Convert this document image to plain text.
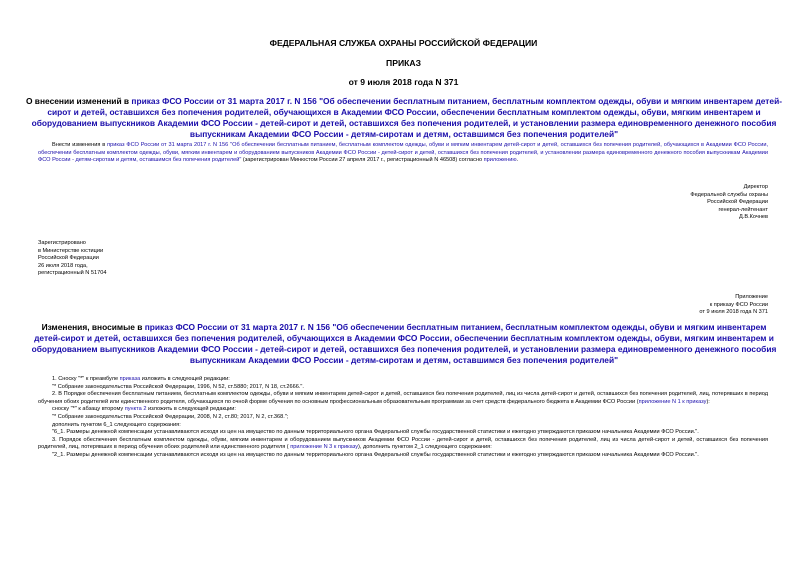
ФЕДЕРАЛЬНАЯ СЛУЖБА ОХРАНЫ РОССИЙСКОЙ ФЕДЕРАЦИИ
ПРИКАЗ
от 9 июля 2018 года N 371
О внесении изменений в приказ ФСО России от 31 марта 2017 г. N 156 "Об обеспечении бесплатным питанием, бесплатным комплектом одежды, обуви и мягким инвентарем детей-сирот и детей, оставшихся без попечения родителей, обучающихся в Академии ФСО России, обеспечении бесплатным комплектом одежды, обуви, мягким инвентарем и оборудованием выпускников Академии ФСО России - детей-сирот и детей, оставшихся без попечения родителей, и установлении размера единовременного денежного пособия выпускникам Академии ФСО России - детям-сиротам и детям, оставшимся без попечения родителей"
Внести изменения в приказ ФСО России от 31 марта 2017 г. N 156 "Об обеспечении бесплатным питанием, бесплатным комплектом одежды, обуви и мягким инвентарем детей-сирот и детей, оставшихся без попечения родителей, обучающихся в Академии ФСО России, обеспечении бесплатным комплектом одежды, обуви, мягким инвентарем и оборудованием выпускников Академии ФСО России - детей-сирот и детей, оставшихся без попечения родителей, и установлении размера единовременного денежного пособия выпускникам Академии ФСО России - детям-сиротам и детям, оставшимся без попечения родителей" (зарегистрирован Минюстом России 27 апреля 2017 г., регистрационный N 46508) согласно приложению.
Директор
Федеральной службы охраны
Российской Федерации
генерал-лейтенант
Д.В.Кочнев
Зарегистрировано
в Министерстве юстиции
Российской Федерации
26 июля 2018 года,
регистрационный N 51704
Приложение
к приказу ФСО России
от 9 июля 2018 года N 371
Изменения, вносимые в приказ ФСО России от 31 марта 2017 г. N 156 "Об обеспечении бесплатным питанием, бесплатным комплектом одежды, обуви и мягким инвентарем детей-сирот и детей, оставшихся без попечения родителей, обучающихся в Академии ФСО России, обеспечении бесплатным комплектом одежды, обуви, мягким инвентарем и оборудованием выпускников Академии ФСО России - детей-сирот и детей, оставшихся без попечения родителей, и установлении размера единовременного денежного пособия выпускникам Академии ФСО России - детям-сиротам и детям, оставшимся без попечения родителей"
1. Сноску "*" к преамбуле приказа изложить в следующей редакции:
"* Собрание законодательства Российской Федерации, 1996, N 52, ст.5880; 2017, N 18, ст.2666.".
2. В Порядке обеспечения бесплатным питанием, бесплатным комплектом одежды, обуви и мягким инвентарем детей-сирот и детей, оставшихся без попечения родителей, лиц из числа детей-сирот и детей, оставшихся без попечения родителей, лиц, потерявших в период обучения обоих родителей или единственного родителя, обучающихся по очной форме обучения по основным профессиональным образовательным программам за счет средств федерального бюджета в Академии ФСО России (приложение N 1 к приказу):
сноску "*" к абзацу второму пункта 2 изложить в следующей редакции:
"* Собрание законодательства Российской Федерации, 2008, N 2, ст.80; 2017, N 2, ст.368.";
дополнить пунктом 6_1 следующего содержания:
"6_1. Размеры денежной компенсации устанавливаются исходя из цен на имущество по данным территориального органа Федеральной службы государственной статистики и ежегодно утверждаются приказом начальника Академии ФСО России.".
3. Порядок обеспечения бесплатным комплектом одежды, обуви, мягким инвентарем и оборудованием выпускников Академии ФСО России - детей-сирот и детей, оставшихся без попечения родителей, лиц из числа детей-сирот и детей, оставшихся без попечения родителей, лиц, потерявших в период обучения обоих родителей или единственного родителя ( приложение N 3 к приказу), дополнить пунктом 2_1 следующего содержания:
"2_1. Размеры денежной компенсации устанавливаются исходя из цен на имущество по данным территориального органа Федеральной службы государственной статистики и ежегодно утверждаются приказом начальника Академии ФСО России.".
